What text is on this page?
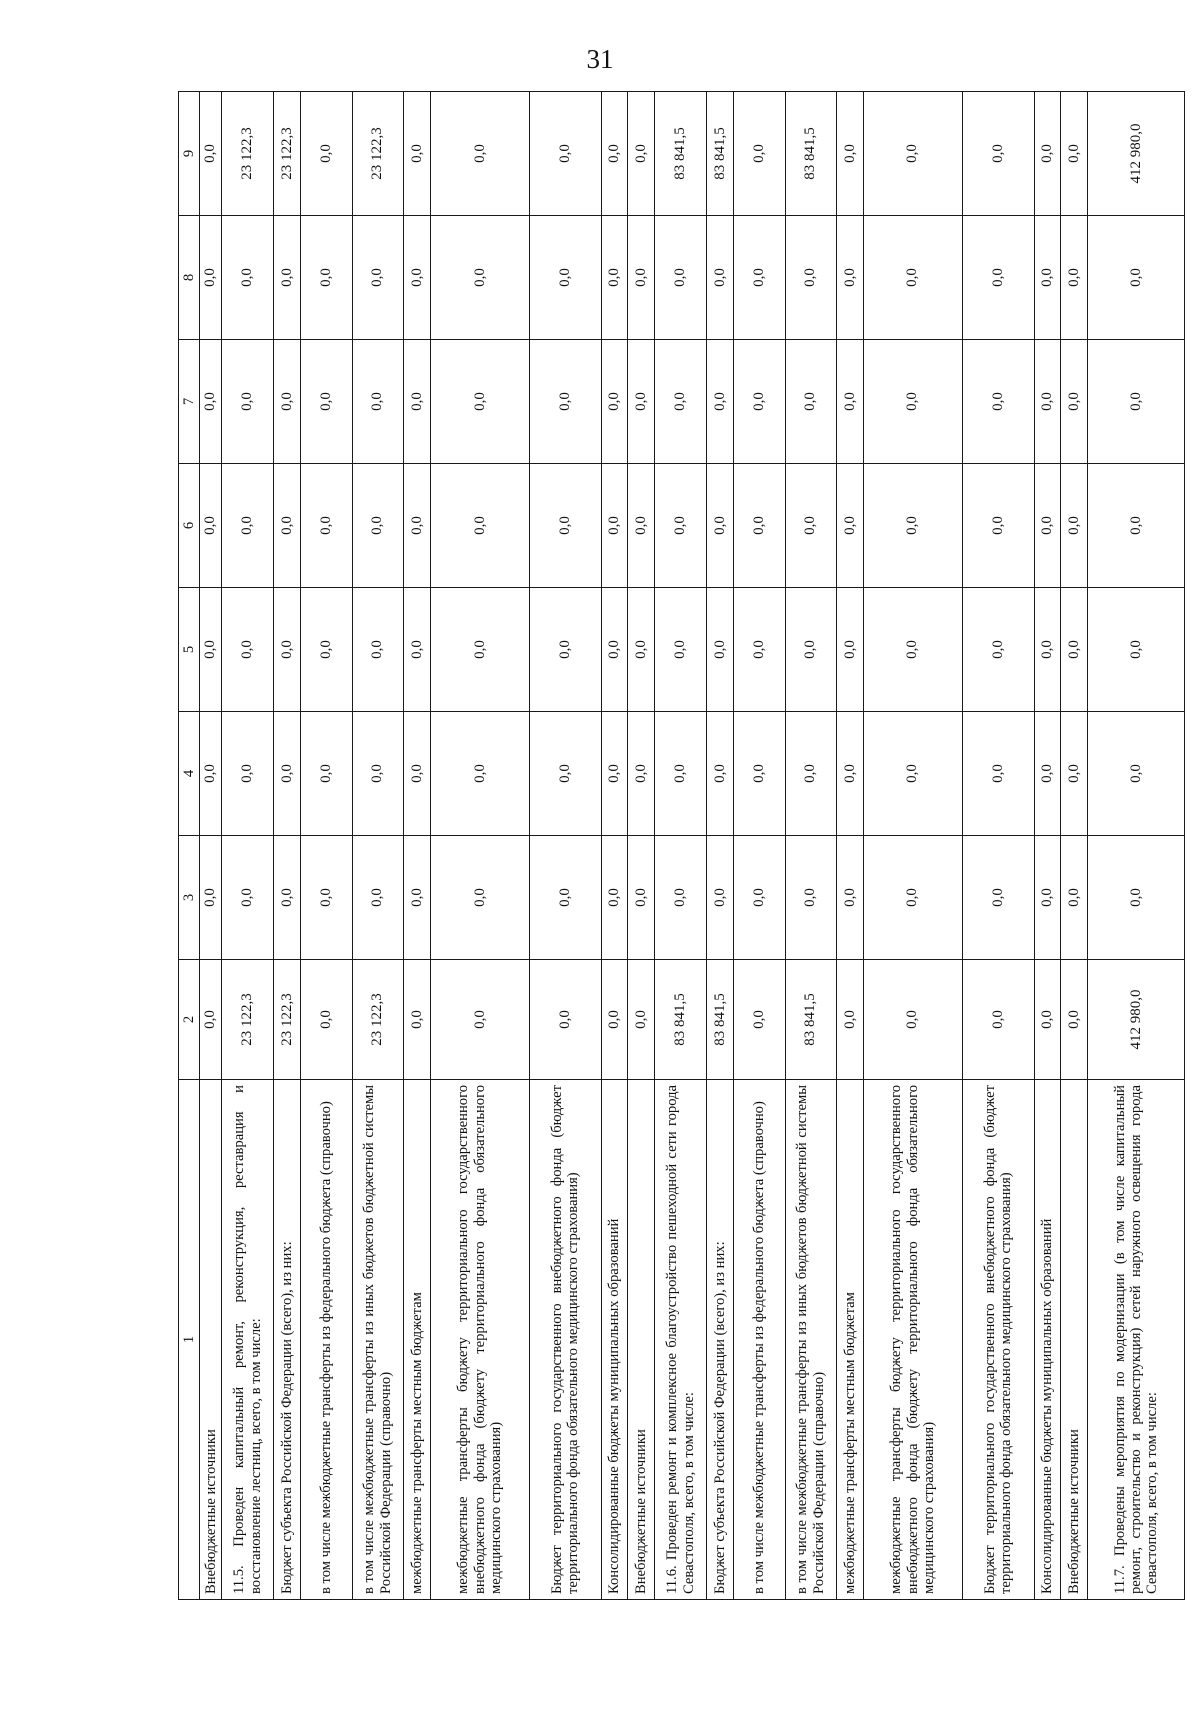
31
1	2	3	4	5	6	7	8	9
Внебюджетные источники	0,0	0,0	0,0	0,0	0,0	0,0	0,0	0,0
11.5. Проведен капитальный ремонт, реконструкция, реставрация и восстановление лестниц, всего, в том числе:	23 122,3	0,0	0,0	0,0	0,0	0,0	0,0	23 122,3
Бюджет субъекта Российской Федерации (всего), из них:	23 122,3	0,0	0,0	0,0	0,0	0,0	0,0	23 122,3
в том числе межбюджетные трансферты из федерального бюджета (справочно)	0,0	0,0	0,0	0,0	0,0	0,0	0,0	0,0
в том числе межбюджетные трансферты из иных бюджетов бюджетной системы Российской Федерации (справочно)	23 122,3	0,0	0,0	0,0	0,0	0,0	0,0	23 122,3
межбюджетные трансферты местным бюджетам	0,0	0,0	0,0	0,0	0,0	0,0	0,0	0,0
межбюджетные трансферты бюджету территориального государственного внебюджетного фонда (бюджету территориального фонда обязательного медицинского страхования)	0,0	0,0	0,0	0,0	0,0	0,0	0,0	0,0
Бюджет территориального государственного внебюджетного фонда (бюджет территориального фонда обязательного медицинского страхования)	0,0	0,0	0,0	0,0	0,0	0,0	0,0	0,0
Консолидированные бюджеты муниципальных образований	0,0	0,0	0,0	0,0	0,0	0,0	0,0	0,0
Внебюджетные источники	0,0	0,0	0,0	0,0	0,0	0,0	0,0	0,0
11.6. Проведен ремонт и комплексное благоустройство пешеходной сети города Севастополя, всего, в том числе:	83 841,5	0,0	0,0	0,0	0,0	0,0	0,0	83 841,5
Бюджет субъекта Российской Федерации (всего), из них:	83 841,5	0,0	0,0	0,0	0,0	0,0	0,0	83 841,5
в том числе межбюджетные трансферты из федерального бюджета (справочно)	0,0	0,0	0,0	0,0	0,0	0,0	0,0	0,0
в том числе межбюджетные трансферты из иных бюджетов бюджетной системы Российской Федерации (справочно)	83 841,5	0,0	0,0	0,0	0,0	0,0	0,0	83 841,5
межбюджетные трансферты местным бюджетам	0,0	0,0	0,0	0,0	0,0	0,0	0,0	0,0
межбюджетные трансферты бюджету территориального государственного внебюджетного фонда (бюджету территориального фонда обязательного медицинского страхования)	0,0	0,0	0,0	0,0	0,0	0,0	0,0	0,0
Бюджет территориального государственного внебюджетного фонда (бюджет территориального фонда обязательного медицинского страхования)	0,0	0,0	0,0	0,0	0,0	0,0	0,0	0,0
Консолидированные бюджеты муниципальных образований	0,0	0,0	0,0	0,0	0,0	0,0	0,0	0,0
Внебюджетные источники	0,0	0,0	0,0	0,0	0,0	0,0	0,0	0,0
11.7. Проведены мероприятия по модернизации (в том числе капитальный ремонт, строительство и реконструкция) сетей наружного освещения города Севастополя, всего, в том числе:	412 980,0	0,0	0,0	0,0	0,0	0,0	0,0	412 980,0
